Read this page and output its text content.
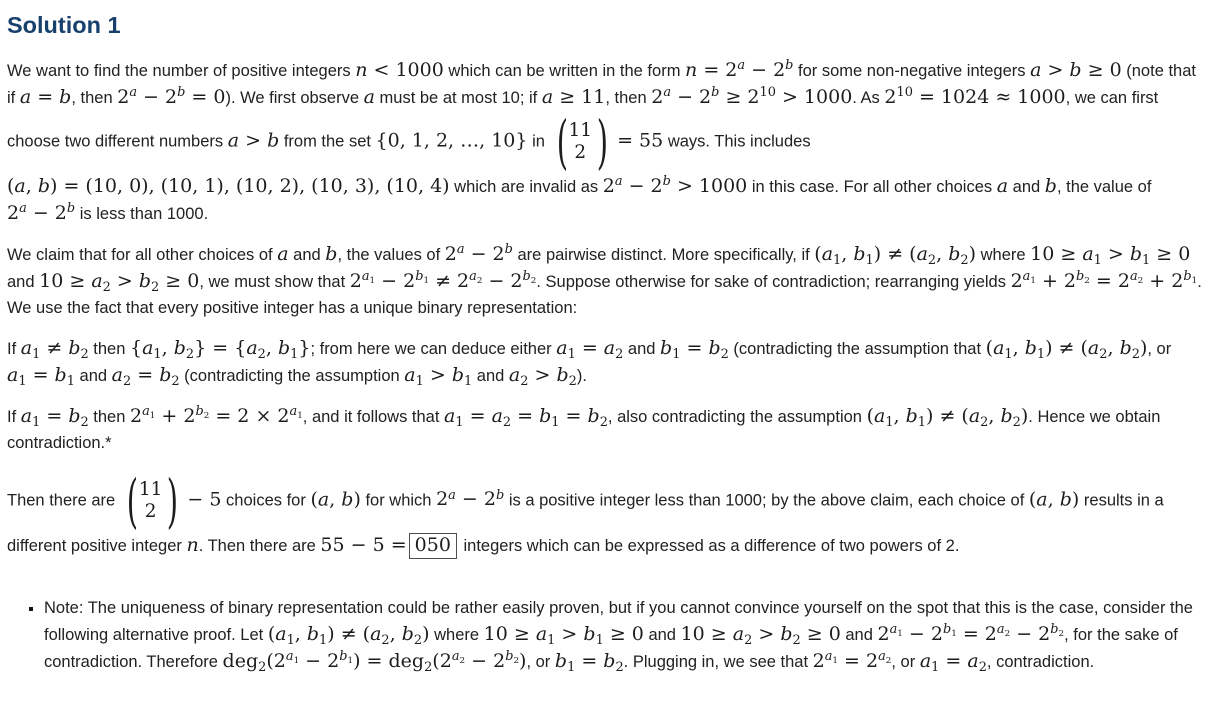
Solution 1

We want to find the number of positive integers n < 1000 which can be written in the form $n = 2^a - 2^b$ for some non-negative integers a > b ≥ 0 (note that if a = b, then $2^a - 2^b = 0$). We first observe a must be at most 10; if a ≥ 11, then $2^a - 2^b \ge 2^{10} > 1000$. As $2^{10} = 1024 \approx 1000$, we can first choose two different numbers a > b from the set {0, 1, 2, …, 10} in ( 11
2 ) = 55 ways. This includes (a, b) = (10, 0), (10, 1), (10, 2), (10, 3), (10, 4) which are invalid as $2^a - 2^b > 1000$ in this case. For all other choices a and b, the value of $2^a - 2^b$ is less than 1000.

We claim that for all other choices of a and b, the values of $2^a - 2^b$ are pairwise distinct. More specifically, if ($a_1$, $b_1) \ne (a_2$, $b_2$) where $10 \ge a_1 > b_1 \ge 0$ and $10 \ge a_2 > b_2 \ge 0$, we must show that $2^{a_1} - 2^{b_1} \ne 2^{a_2} - 2^{b_2}$. Suppose otherwise for sake of contradiction; rearranging yields $2^{a_1} + 2^{b_2} = 2^{a_2} + 2^{b_1}$. We use the fact that every positive integer has a unique binary representation:

If $a_1 \ne b_2$ then {$a_1$, $b_2\} = \{a_2$, $b_1$}; from here we can deduce either $a_1 = a_2$ and $b_1 = b_2$ (contradicting the assumption that ($a_1$, $b_1) \ne (a_2$, $b_2$), or $a_1 = b_1$ and $a_2 = b_2$ (contradicting the assumption $a_1 > b_1$ and $a_2 > b_2$).

If $a_1 = b_2$ then $2^{a_1} + 2^{b_2} = 2 \times 2^{a_1}$, and it follows that $a_1 = a_2 = b_1 = b_2$, also contradicting the assumption ($a_1$, $b_1) \ne (a_2$, $b_2$). Hence we obtain contradiction.*

Then there are ( 11
2 ) − 5 choices for (a, b) for which $2^a - 2^b$ is a positive integer less than 1000; by the above claim, each choice of (a, b) results in a different positive integer n. Then there are 55 − 5 = 050 integers which can be expressed as a difference of two powers of 2.

▪ Note: The uniqueness of binary representation could be rather easily proven, but if you cannot convince yourself on the spot that this is the case, consider the following alternative proof. Let ($a_1$, $b_1) \ne (a_2$, $b_2$) where $10 \ge a_1 > b_1 \ge 0$ and $10 \ge a_2 > b_2 \ge 0$ and $2^{a_1} - 2^{b_1} = 2^{a_2} - 2^{b_2}$, for the sake of contradiction. Therefore $deg_2(2^{a_1} - 2^{b_1}) = deg_2(2^{a_2} - 2^{b_2})$, or $b_1 = b_2$. Plugging in, we see that $2^{a_1} = 2^{a_2}$, or $a_1 = a_2$, contradiction.
